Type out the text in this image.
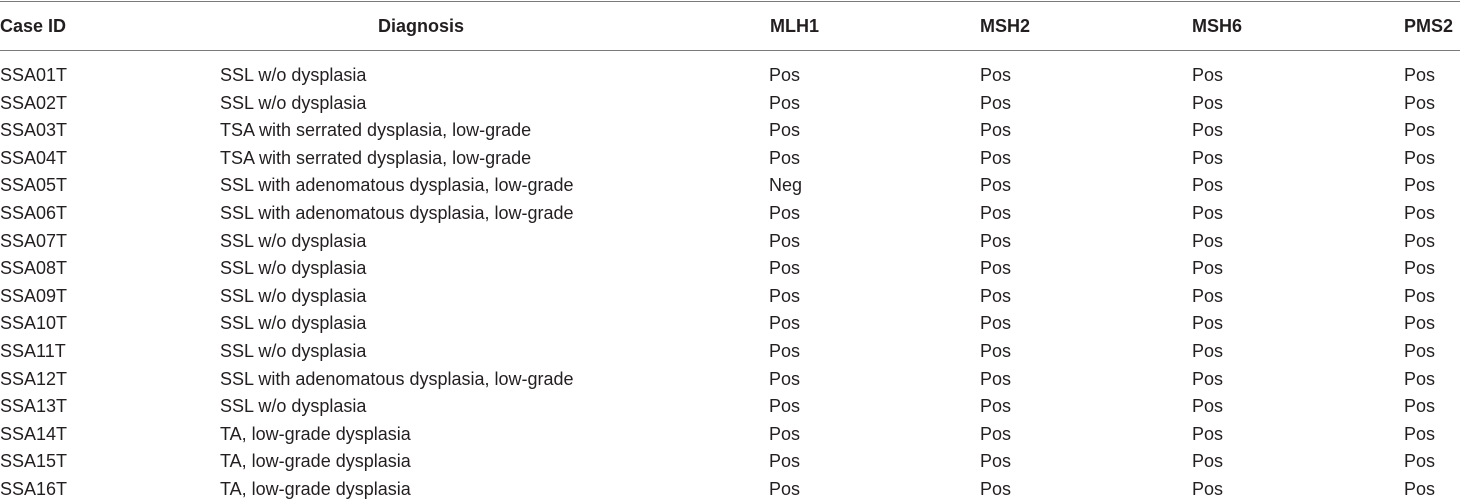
Case ID	Diagnosis	MLH1	MSH2	MSH6	PMS2
SSA01T	SSL w/o dysplasia	Pos	Pos	Pos	Pos
SSA02T	SSL w/o dysplasia	Pos	Pos	Pos	Pos
SSA03T	TSA with serrated dysplasia, low-grade	Pos	Pos	Pos	Pos
SSA04T	TSA with serrated dysplasia, low-grade	Pos	Pos	Pos	Pos
SSA05T	SSL with adenomatous dysplasia, low-grade	Neg	Pos	Pos	Pos
SSA06T	SSL with adenomatous dysplasia, low-grade	Pos	Pos	Pos	Pos
SSA07T	SSL w/o dysplasia	Pos	Pos	Pos	Pos
SSA08T	SSL w/o dysplasia	Pos	Pos	Pos	Pos
SSA09T	SSL w/o dysplasia	Pos	Pos	Pos	Pos
SSA10T	SSL w/o dysplasia	Pos	Pos	Pos	Pos
SSA11T	SSL w/o dysplasia	Pos	Pos	Pos	Pos
SSA12T	SSL with adenomatous dysplasia, low-grade	Pos	Pos	Pos	Pos
SSA13T	SSL w/o dysplasia	Pos	Pos	Pos	Pos
SSA14T	TA, low-grade dysplasia	Pos	Pos	Pos	Pos
SSA15T	TA, low-grade dysplasia	Pos	Pos	Pos	Pos
SSA16T	TA, low-grade dysplasia	Pos	Pos	Pos	Pos
